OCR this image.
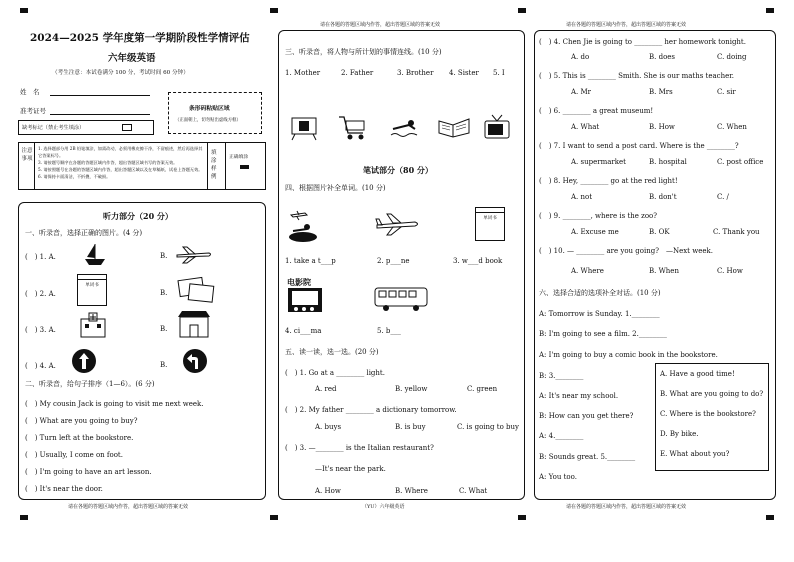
请在各题的答题区域内作答，超出答题区域的答案无效	请在各题的答题区域内作答，超出答题区域的答案无效
2024—2025 学年度第一学期阶段性学情评估
六年级英语
（考生注意：本试卷满分 100 分，考试时间 60 分钟）
姓　名
准考证号
缺考标记（禁止考生填涂）
条形码粘贴区域
（正面朝上，切勿贴出虚线方框）
注意事项
1. 选择题部分用 2B 铅笔填涂，如需改动，必须用橡皮擦干净，不留痕迹，然后再选择其它答案标号。
3. 请按题号顺序在各题的答题区域内作答，超出答题区域书写的答案无效。
5. 请按照题号在各题的答题区域内作答，超出答题区域以及在草稿纸、试卷上答题无效。
6. 请保持卡面清洁，不折叠，不破损。
填涂样例
正确填涂
听力部分（20 分）
一、听录音，选择正确的图片。(4 分)
(　) 1. A.	B.
(　) 2. A.
单词书
B.
(　) 3. A.	B.
(　) 4. A.	B.
二、听录音，给句子排序（1—6）。(6 分)
(　) My cousin Jack is going to visit me next week.
(　) What are you going to buy?
(　) Turn left at the bookstore.
(　) Usually, I come on foot.
(　) I'm going to have an art lesson.
(　) It's near the door.
三、听录音，将人物与所计划的事情连线。(10 分)
1. Mother	2. Father	3. Brother 4. Sister 5. I
笔试部分（80 分）
四、根据图片补全单词。(10 分)
单词书
1. take a t___p	2. p___ne	3. w___d book
电影院
4. ci___ma	5. b___
五、读一读，选一选。(20 分)
(　) 1. Go at a ________ light.
A. red	B. yellow	C. green
(　) 2. My father ________ a dictionary tomorrow.
A. buys	B. is buy	C. is going to buy
(　) 3. —________ is the Italian restaurant?
—It's near the park.
A. How	B. Where	C. What
(　) 4. Chen Jie is going to ________ her homework tonight.
A. do	B. does	C. doing
(　) 5. This is ________ Smith. She is our maths teacher.
A. Mr	B. Mrs	C. sir
(　) 6. ________ a great museum!
A. What	B. How	C. When
(　) 7. I want to send a post card. Where is the ________?
A. supermarket	B. hospital	C. post office
(　) 8. Hey, ________ go at the red light!
A. not	B. don't	C. /
(　) 9. ________, where is the zoo?
A. Excuse me	B. OK	C. Thank you
(　) 10. — ________ are you going?　—Next week.
A. Where	B. When	C. How
六、选择合适的选项补全对话。(10 分)
A: Tomorrow is Sunday. 1.________
B: I'm going to see a film. 2.________
A: I'm going to buy a comic book in the bookstore.
B: 3.________
A: It's near my school.
B: How can you get there?
A: 4.________
B: Sounds great. 5.________
A: You too.
A. Have a good time!
B. What are you going to do?
C. Where is the bookstore?
D. By bike.
E. What about you?
请在各题的答题区域内作答，超出答题区域的答案无效	（YU）六年级英语	请在各题的答题区域内作答，超出答题区域的答案无效
